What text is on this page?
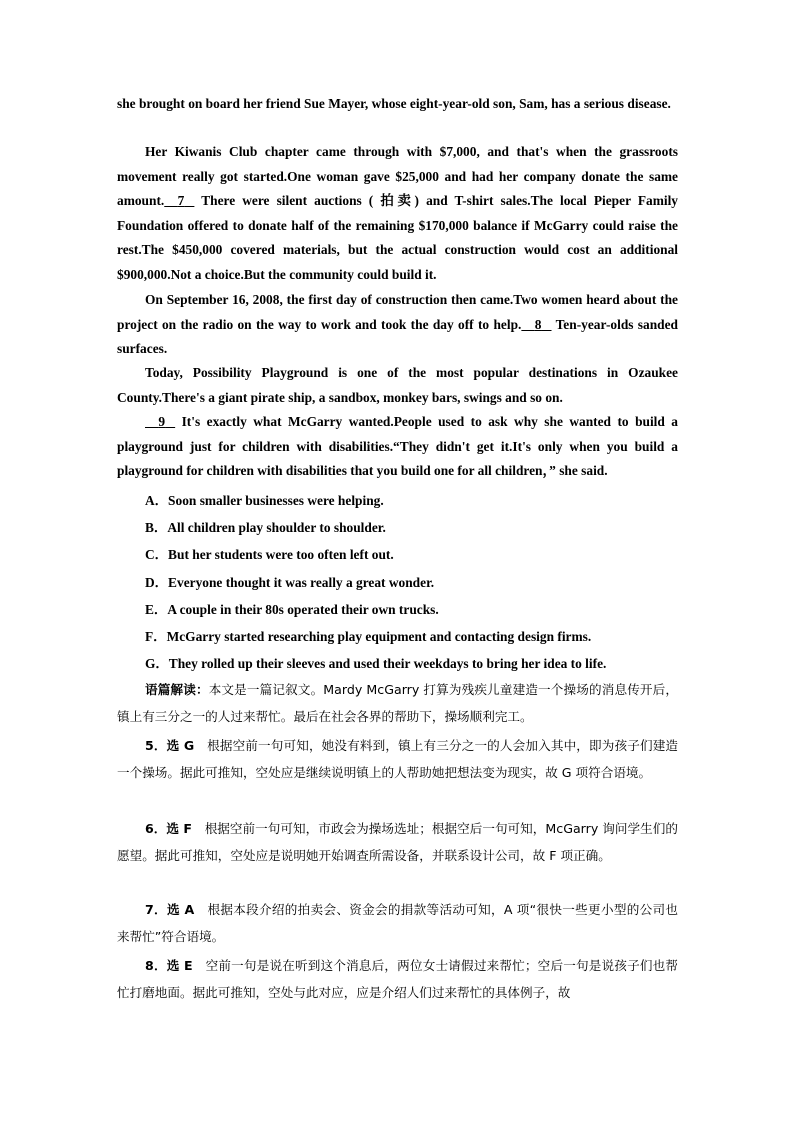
she brought on board her friend Sue Mayer, whose eight-year-old son, Sam, has a serious disease.

Her Kiwanis Club chapter came through with $7,000, and that's when the grassroots movement really got started.One woman gave $25,000 and had her company donate the same amount. 7    There were silent auctions ( 拍卖) and T-shirt sales.The local Pieper Family Foundation offered to donate half of the remaining $170,000 balance if McGarry could raise the rest.The $450,000 covered materials, but the actual construction would cost an additional $900,000.Not a choice.But the community could build it.

On September 16, 2008, the first day of construction then came.Two women heard about the project on the radio on the way to work and took the day off to help. 8    Ten-year-olds sanded surfaces.

Today, Possibility Playground is one of the most popular destinations in Ozaukee County.There's a giant pirate ship, a sandbox, monkey bars, swings and so on.

9    It's exactly what McGarry wanted.People used to ask why she wanted to build a playground just for children with disabilities.“They didn't get it.It's only when you build a playground for children with disabilities that you build one for all children，” she said.

A．Soon smaller businesses were helping.

B．All children play shoulder to shoulder.

C．But her students were too often left out.

D．Everyone thought it was really a great wonder.

E．A couple in their 80s operated their own trucks.

F．McGarry started researching play equipment and contacting design firms.

G．They rolled up their sleeves and used their weekdays to bring her idea to life.

语篇解读：本文是一篇记叙文。Mardy McGarry 打算为残疾儿童建造一个操场的消息传开后，镇上有三分之一的人过来帮忙。最后在社会各界的帮助下，操场顺利完工。

5．选 G　根据空前一句可知，她没有料到，镇上有三分之一的人会加入其中，即为孩子们建造一个操场。据此可推知，空处应是继续说明镇上的人帮助她把想法变为现实，故 G 项符合语境。

6．选 F　根据空前一句可知，市政会为操场选址；根据空后一句可知，McGarry 询问学生们的愿望。据此可推知，空处应是说明她开始调查所需设备，并联系设计公司，故 F 项正确。

7．选 A　根据本段介绍的拍卖会、资金会的捐款等活动可知，A 项“很快一些更小型的公司也来帮忙”符合语境。

8．选 E　空前一句是说在听到这个消息后，两位女士请假过来帮忙；空后一句是说孩子们也帮忙打磨地面。据此可推知，空处与此对应，应是介绍人们过来帮忙的具体例子，故
